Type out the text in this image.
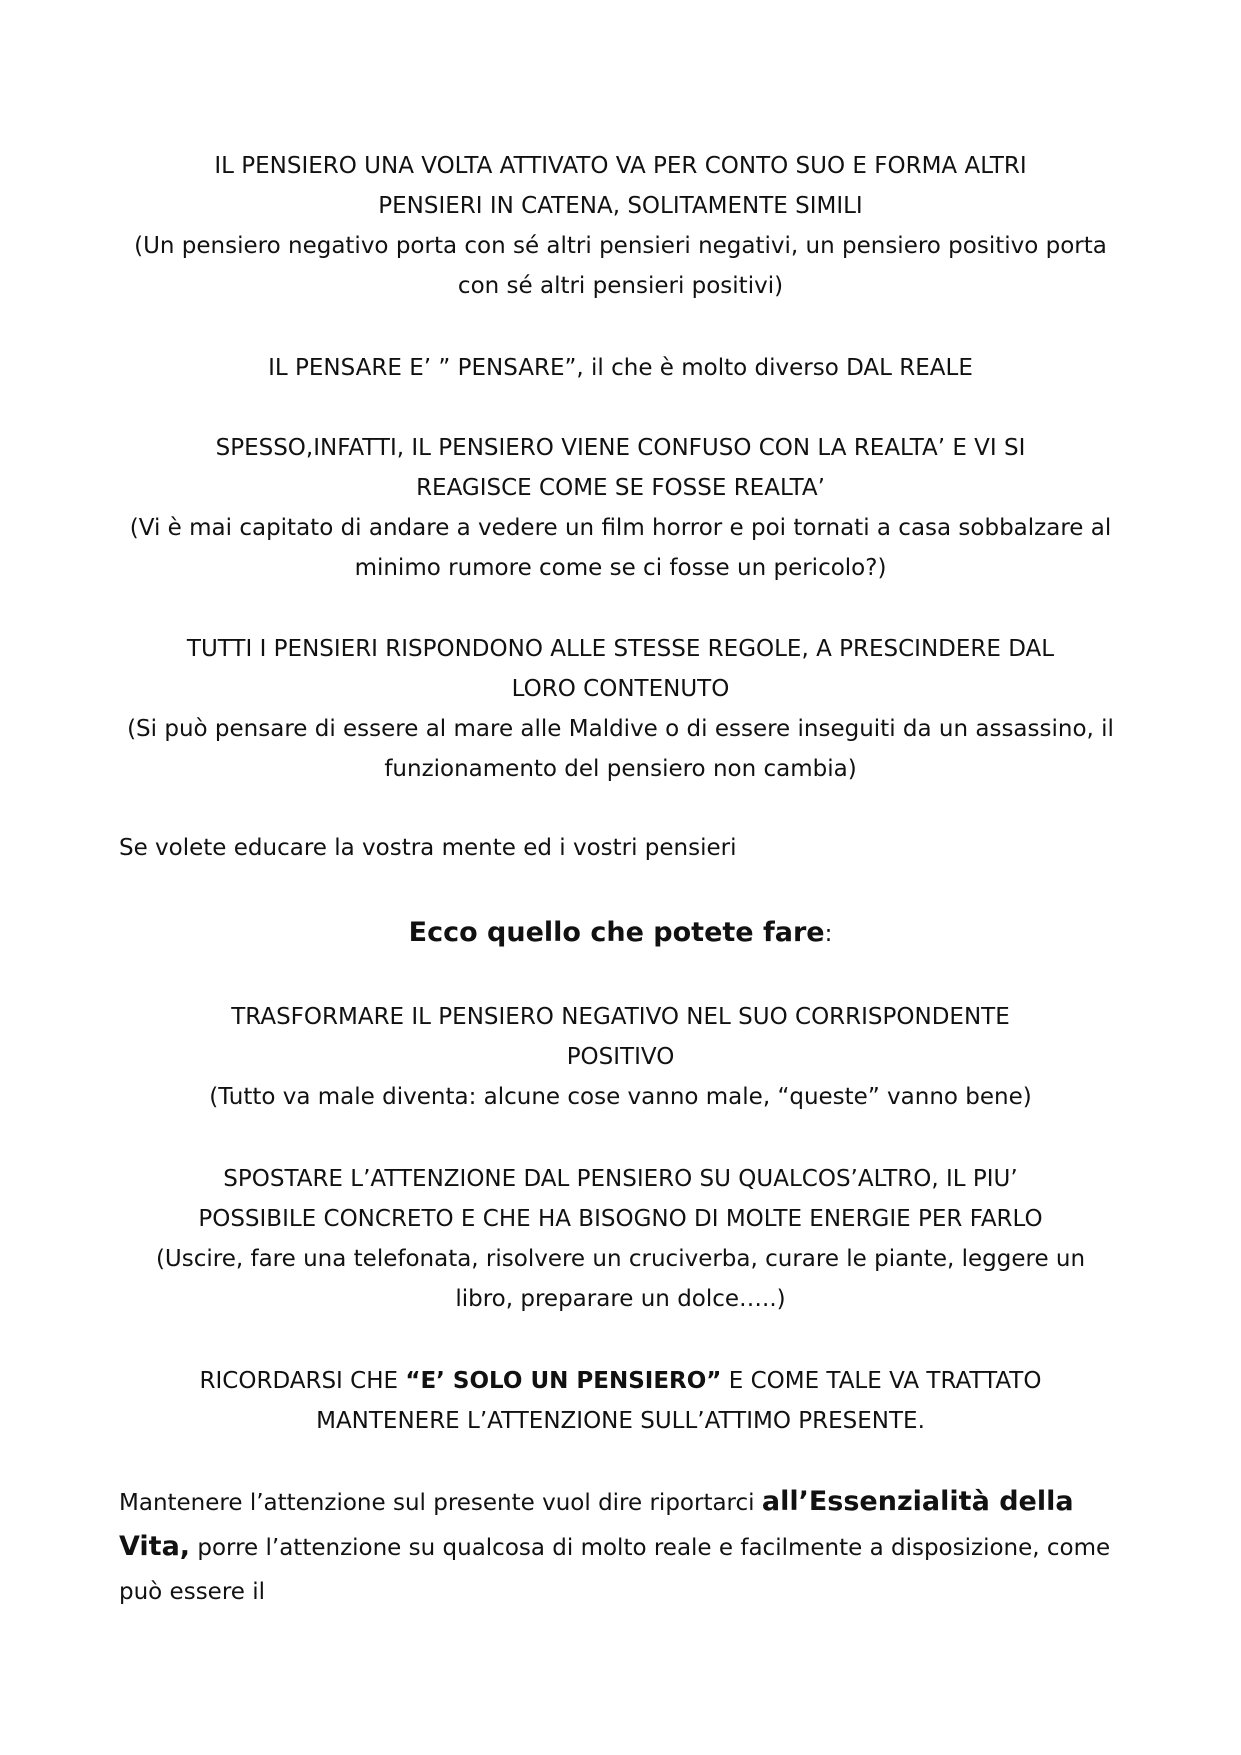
IL PENSIERO UNA VOLTA ATTIVATO VA PER CONTO SUO E FORMA ALTRI

PENSIERI IN CATENA, SOLITAMENTE SIMILI

(Un pensiero negativo porta con sé altri pensieri negativi, un pensiero positivo porta

con sé altri pensieri positivi)

IL PENSARE E’ ” PENSARE”, il che è molto diverso DAL REALE

SPESSO,INFATTI, IL PENSIERO VIENE CONFUSO CON LA REALTA’ E VI SI

REAGISCE COME SE FOSSE REALTA’

(Vi è mai capitato di andare a vedere un film horror e poi tornati a casa sobbalzare al

minimo rumore come se ci fosse un pericolo?)

TUTTI I PENSIERI RISPONDONO ALLE STESSE REGOLE, A PRESCINDERE DAL

LORO CONTENUTO

(Si può pensare di essere al mare alle Maldive o di essere inseguiti da un assassino, il

funzionamento del pensiero non cambia)

Se volete educare la vostra mente ed i vostri pensieri

Ecco quello che potete fare:

TRASFORMARE IL PENSIERO NEGATIVO NEL SUO CORRISPONDENTE

POSITIVO

(Tutto va male diventa: alcune cose vanno male, “queste” vanno bene)

SPOSTARE L’ATTENZIONE DAL PENSIERO SU QUALCOS’ALTRO, IL PIU’

POSSIBILE CONCRETO E CHE HA BISOGNO DI MOLTE ENERGIE PER FARLO

(Uscire, fare una telefonata, risolvere un cruciverba, curare le piante, leggere un

libro, preparare un dolce…..)

RICORDARSI CHE “E’ SOLO UN PENSIERO” E COME TALE VA TRATTATO

MANTENERE L’ATTENZIONE SULL’ATTIMO PRESENTE.

Mantenere l’attenzione sul presente vuol dire riportarci all’Essenzialità della

Vita, porre l’attenzione su qualcosa di molto reale e facilmente a disposizione, come

può essere il
